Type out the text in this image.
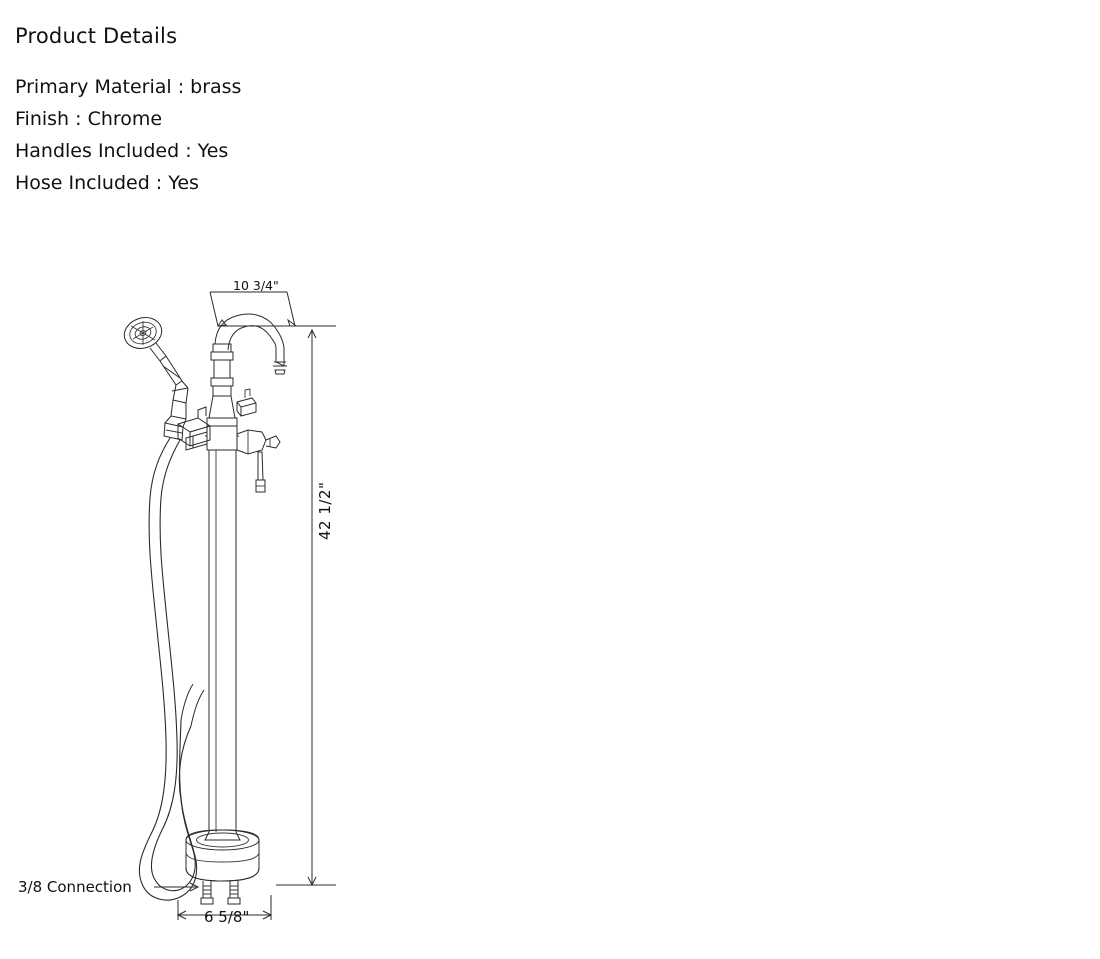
Product Details
Primary Material : brass
Finish : Chrome
Handles Included : Yes
Hose Included : Yes
10 3/4"
42 1/2"
6 5/8"
3/8 Connection
